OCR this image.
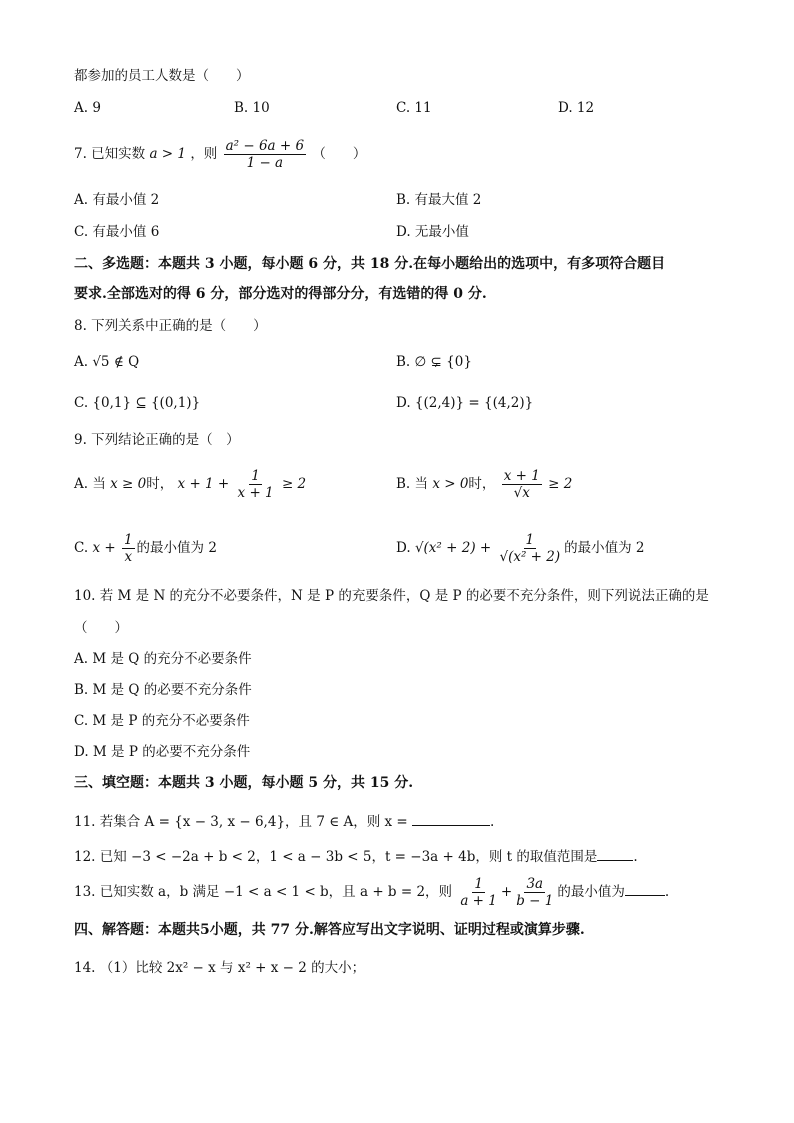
都参加的员工人数是（　　）
A. 9	B. 10	C. 11	D. 12
7. 已知实数 a > 1 ，则 $\frac{\text{a² − 6a + 6}}{1 - a}$ （　　）
A. 有最小值 2	B. 有最大值 2
C. 有最小值 6	D. 无最小值
二、多选题：本题共 3 小题，每小题 6 分，共 18 分.在每小题给出的选项中，有多项符合题目
要求.全部选对的得 6 分，部分选对的得部分分，有选错的得 0 分.
8. 下列关系中正确的是（　　）
A. √5 ∉ Q	B. ∅ ⊊ {0}
C. {0,1} ⊆ {(0,1)}	D. {(2,4)} = {(4,2)}
9. 下列结论正确的是（　）
A. 当 x ≥ 0时， $x + 1 + \frac{1}{x + 1} \ge 2$	B. 当 x > 0时， $\frac{x + 1}{√x} \ge 2$
C. $x + \frac{1}{x}$ 的最小值为 2	D. $√(x^2 + 2) + \frac{1}{\text{√(x² + 2)}}$ 的最小值为 2
10. 若 M 是 N 的充分不必要条件，N 是 P 的充要条件，Q 是 P 的必要不充分条件，则下列说法正确的是
（　　）
A. M 是 Q 的充分不必要条件
B. M 是 Q 的必要不充分条件
C. M 是 P 的充分不必要条件
D. M 是 P 的必要不充分条件
三、填空题：本题共 3 小题，每小题 5 分，共 15 分.
11. 若集合 A = {x − 3, x − 6,4}，且 7 ∈ A，则 x =	.
12. 已知 −3 < −2a + b < 2，1 < a − 3b < 5，t = −3a + 4b，则 t 的取值范围是	.
13. 已知实数 a，b 满足 −1 < a < 1 < b，且 a + b = 2，则 $\frac{1}{a + 1} + \frac{3a}{b - 1}$ 的最小值为	.
四、解答题：本题共5小题，共 77 分.解答应写出文字说明、证明过程或演算步骤.
14. （1）比较 2x² − x 与 x² + x − 2 的大小；
